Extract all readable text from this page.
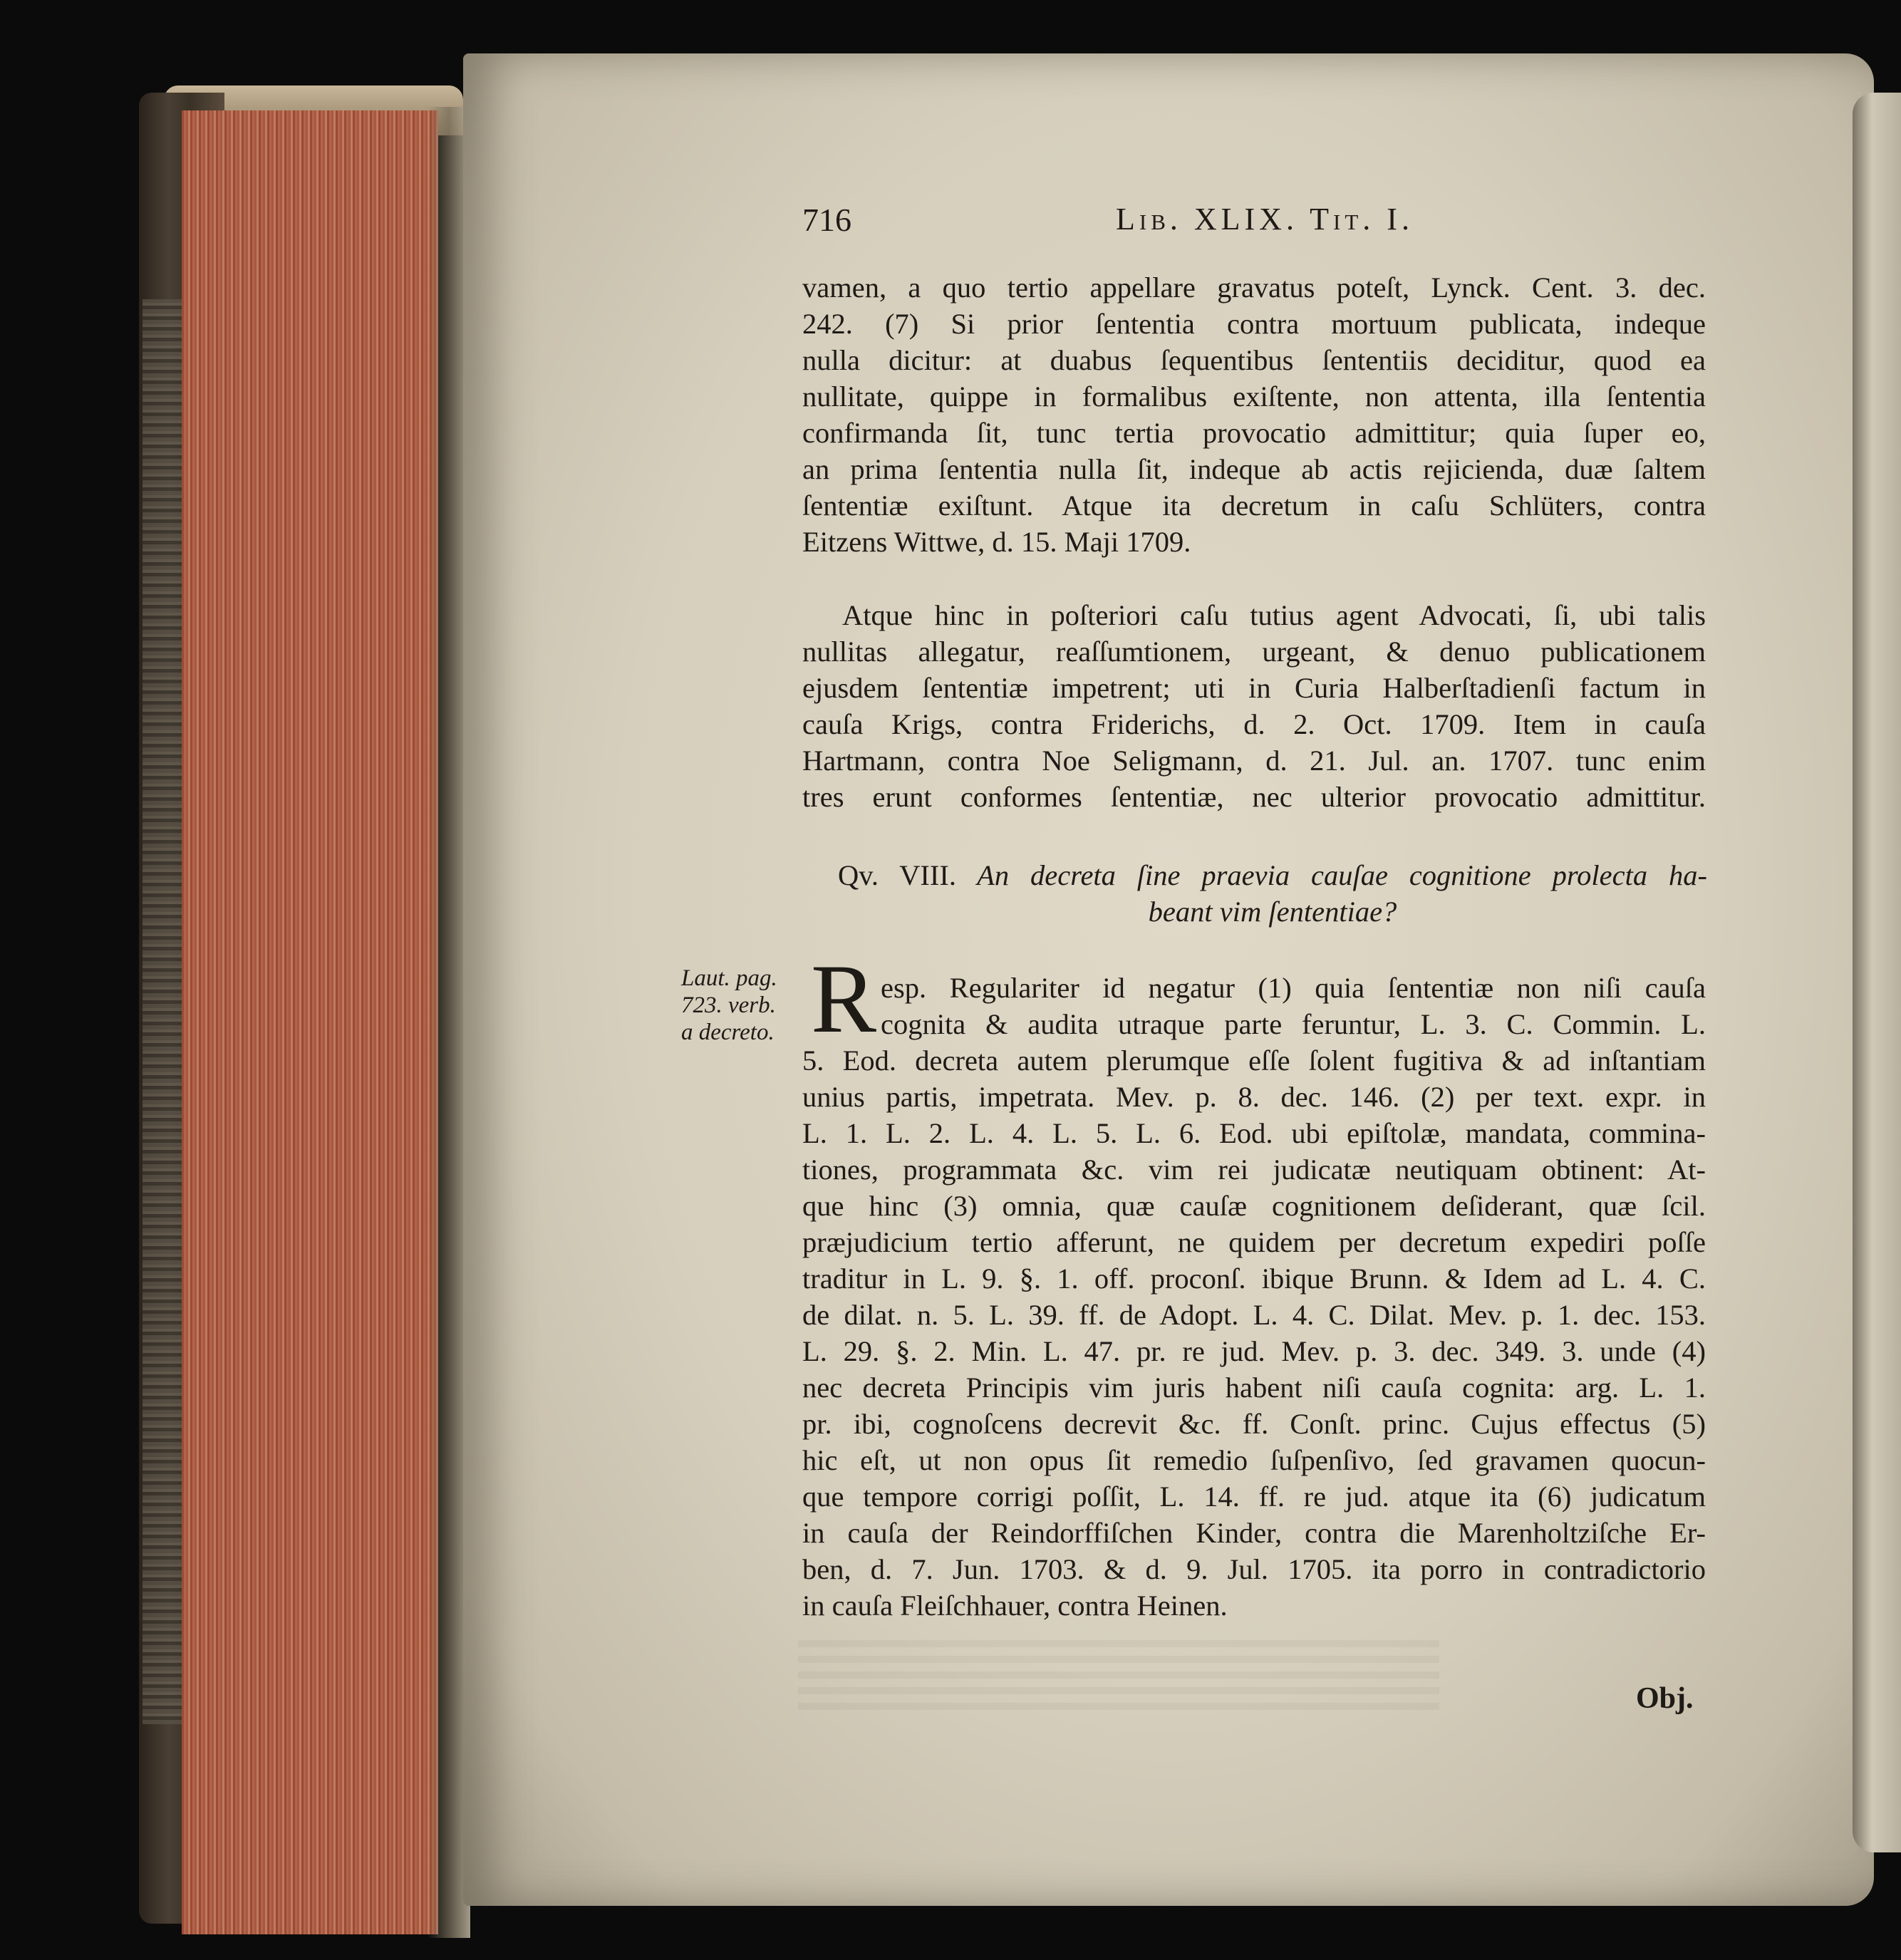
716	Lib. XLIX. Tit. I.
vamen, a quo tertio appellare gravatus poteſt, Lynck. Cent. 3. dec.
242. (7) Si prior ſententia contra mortuum publicata, indeque
nulla dicitur: at duabus ſequentibus ſententiis deciditur, quod ea
nullitate, quippe in formalibus exiſtente, non attenta, illa ſententia
confirmanda ſit, tunc tertia provocatio admittitur; quia ſuper eo,
an prima ſententia nulla ſit, indeque ab actis rejicienda, duæ ſaltem
ſententiæ exiſtunt. Atque ita decretum in caſu Schlüters, contra
Eitzens Wittwe, d. 15. Maji 1709.
Atque hinc in poſteriori caſu tutius agent Advocati, ſi, ubi talis
nullitas allegatur, reaſſumtionem, urgeant, & denuo publicationem
ejusdem ſententiæ impetrent; uti in Curia Halberſtadienſi factum in
cauſa Krigs, contra Friderichs, d. 2. Oct. 1709. Item in cauſa
Hartmann, contra Noe Seligmann, d. 21. Jul. an. 1707. tunc enim
tres erunt conformes ſententiæ, nec ulterior provocatio admittitur.
Qv. VIII. An decreta ſine praevia cauſae cognitione prolecta ha-
beant vim ſententiae?
Laut. pag.
723. verb.
a decreto. R esp. Regulariter id negatur (1) quia ſententiæ non niſi cauſa
cognita & audita utraque parte feruntur, L. 3. C. Commin. L.
5. Eod. decreta autem plerumque eſſe ſolent fugitiva & ad inſtantiam
unius partis, impetrata. Mev. p. 8. dec. 146. (2) per text. expr. in
L. 1. L. 2. L. 4. L. 5. L. 6. Eod. ubi epiſtolæ, mandata, commina-
tiones, programmata &c. vim rei judicatæ neutiquam obtinent: At-
que hinc (3) omnia, quæ cauſæ cognitionem deſiderant, quæ ſcil.
præjudicium tertio afferunt, ne quidem per decretum expediri poſſe
traditur in L. 9. §. 1. off. proconſ. ibique Brunn. & Idem ad L. 4. C.
de dilat. n. 5. L. 39. ff. de Adopt. L. 4. C. Dilat. Mev. p. 1. dec. 153.
L. 29. §. 2. Min. L. 47. pr. re jud. Mev. p. 3. dec. 349. 3. unde (4)
nec decreta Principis vim juris habent niſi cauſa cognita: arg. L. 1.
pr. ibi, cognoſcens decrevit &c. ff. Conſt. princ. Cujus effectus (5)
hic eſt, ut non opus ſit remedio ſuſpenſivo, ſed gravamen quocun-
que tempore corrigi poſſit, L. 14. ff. re jud. atque ita (6) judicatum
in cauſa der Reindorffiſchen Kinder, contra die Marenholtziſche Er-
ben, d. 7. Jun. 1703. & d. 9. Jul. 1705. ita porro in contradictorio
in cauſa Fleiſchhauer, contra Heinen.
Obj.
